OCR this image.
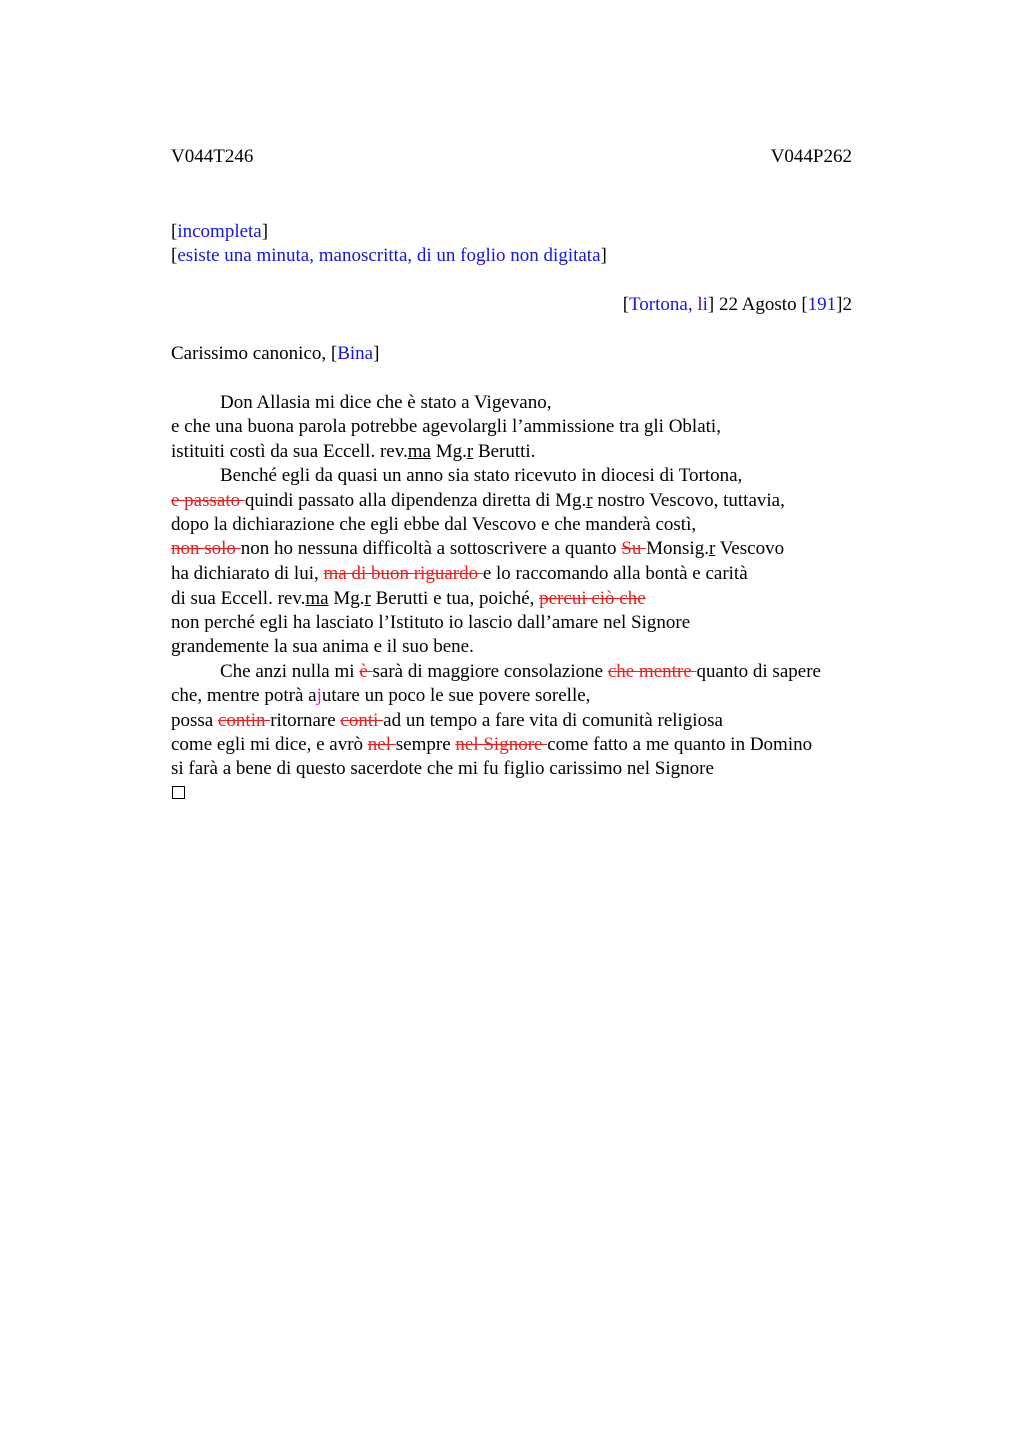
V044T246	V044P262
[incompleta]
[esiste una minuta, manoscritta, di un foglio non digitata]
[Tortona, li] 22 Agosto [191]2
Carissimo canonico, [Bina]
Don Allasia mi dice che è stato a Vigevano,
e che una buona parola potrebbe agevolargli l’ammissione tra gli Oblati,
istituiti costì da sua Eccell. rev.ma Mg.r Berutti.
Benché egli da quasi un anno sia stato ricevuto in diocesi di Tortona,
e passato quindi passato alla dipendenza diretta di Mg.r nostro Vescovo, tuttavia,
dopo la dichiarazione che egli ebbe dal Vescovo e che manderà costì,
non solo non ho nessuna difficoltà a sottoscrivere a quanto Su Monsig.r Vescovo
ha dichiarato di lui, ma di buon riguardo e lo raccomando alla bontà e carità
di sua Eccell. rev.ma Mg.r Berutti e tua, poiché, percui ciò che
non perché egli ha lasciato l’Istituto io lascio dall’amare nel Signore
grandemente la sua anima e il suo bene.
Che anzi nulla mi è sarà di maggiore consolazione che mentre quanto di sapere
che, mentre potrà ajutare un poco le sue povere sorelle,
possa contin ritornare conti ad un tempo a fare vita di comunità religiosa
come egli mi dice, e avrò nel sempre nel Signore come fatto a me quanto in Domino
si farà a bene di questo sacerdote che mi fu figlio carissimo nel Signore
